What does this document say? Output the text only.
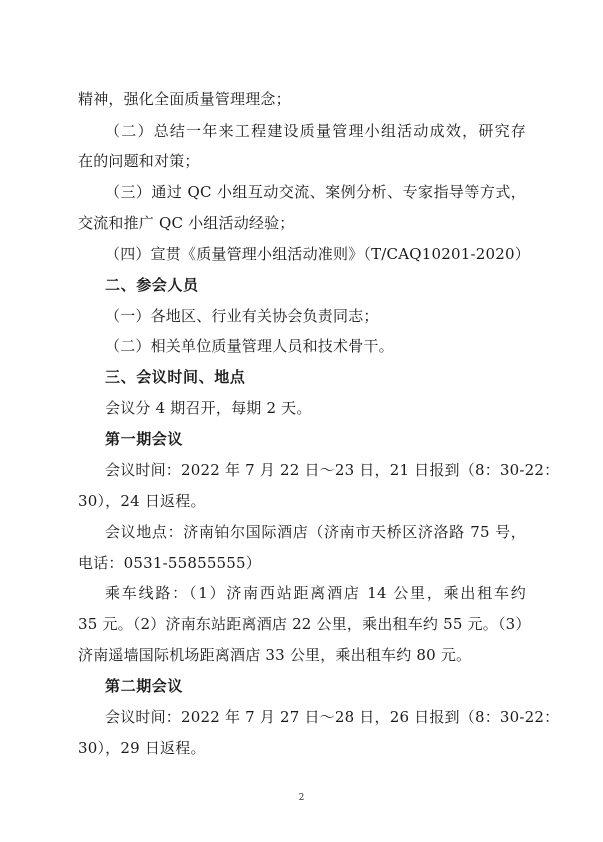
精神，强化全面质量管理理念；
（二）总结一年来工程建设质量管理小组活动成效，研究存
在的问题和对策；
（三）通过 QC 小组互动交流、案例分析、专家指导等方式，
交流和推广 QC 小组活动经验；
（四）宣贯《质量管理小组活动准则》（T/CAQ10201-2020）
二、参会人员
（一）各地区、行业有关协会负责同志；
（二）相关单位质量管理人员和技术骨干。
三、会议时间、地点
会议分 4 期召开，每期 2 天。
第一期会议
会议时间：2022 年 7 月 22 日～23 日，21 日报到（8：30-22：
30），24 日返程。
会议地点：济南铂尔国际酒店（济南市天桥区济洛路 75 号，
电话：0531-55855555）
乘车线路：（1）济南西站距离酒店 14 公里，乘出租车约
35 元。（2）济南东站距离酒店 22 公里，乘出租车约 55 元。（3）
济南遥墙国际机场距离酒店 33 公里，乘出租车约 80 元。
第二期会议
会议时间：2022 年 7 月 27 日～28 日，26 日报到（8：30-22：
30），29 日返程。
2
